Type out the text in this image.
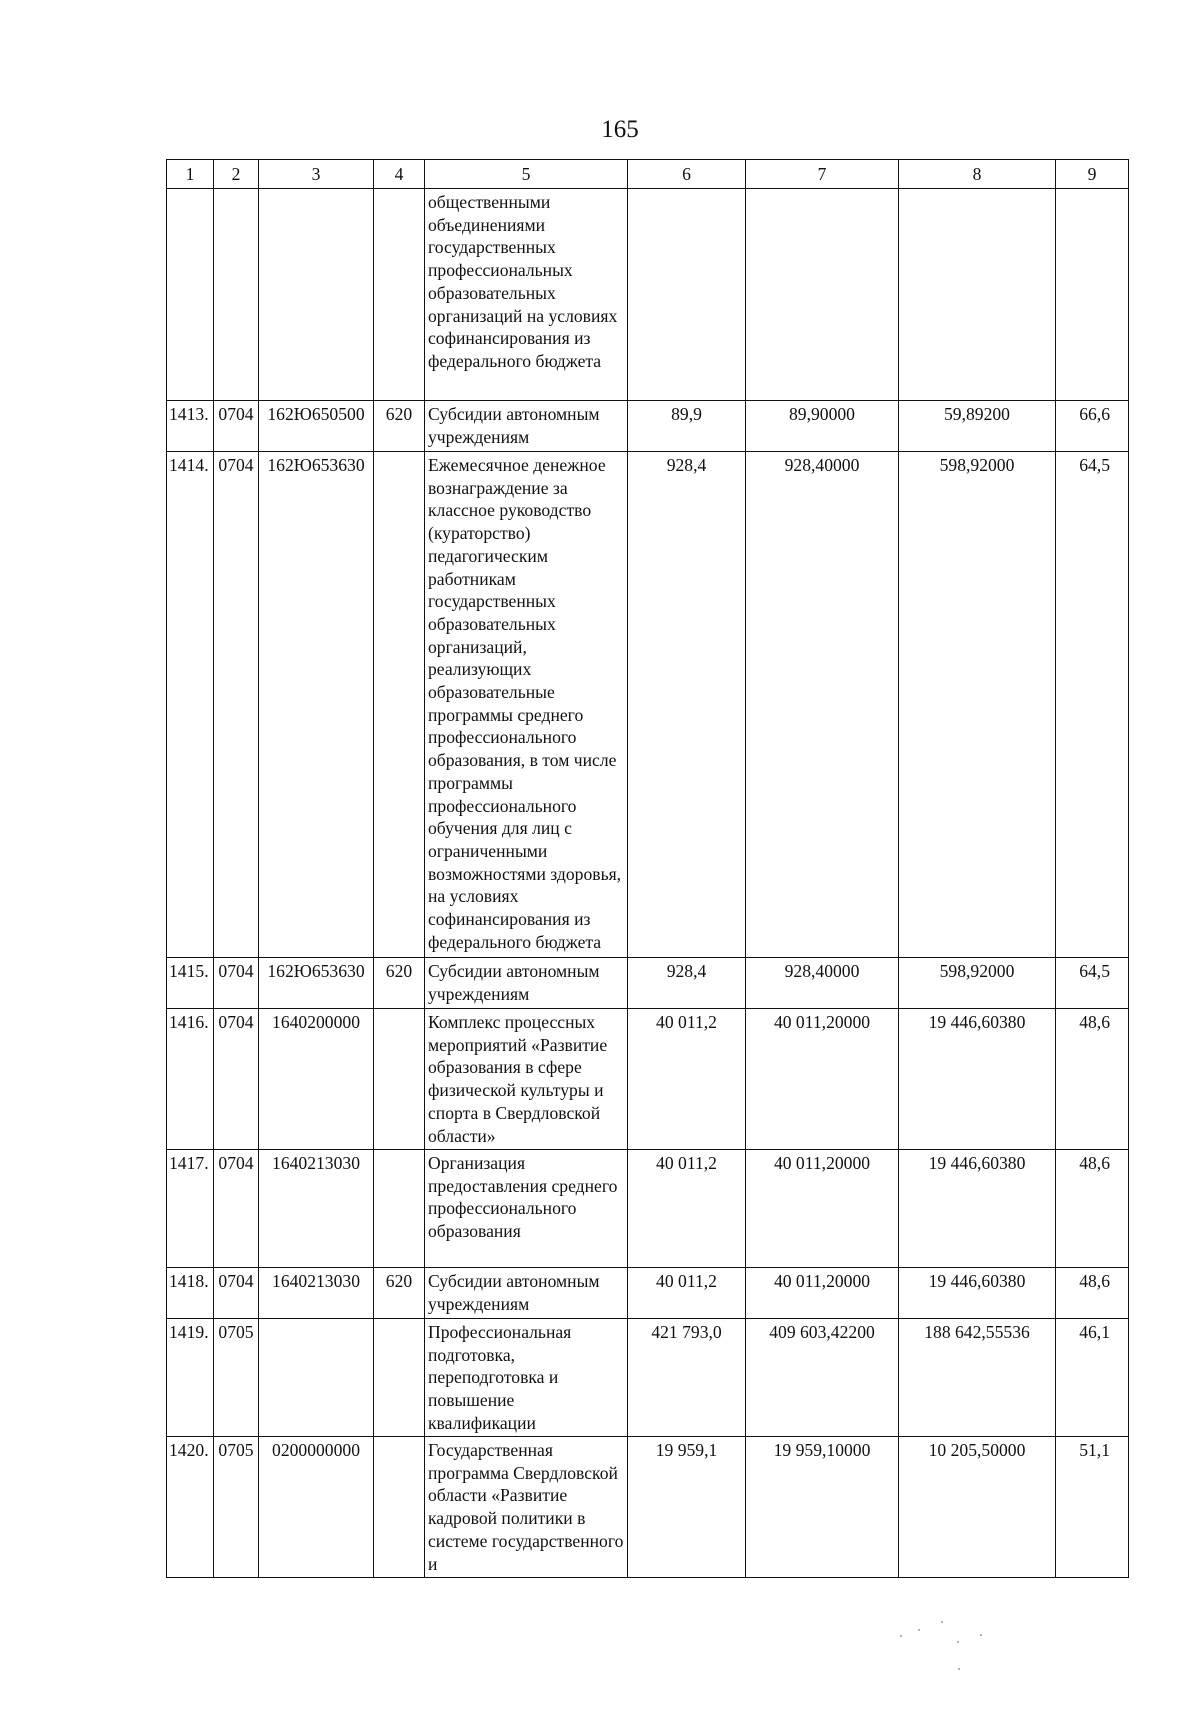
165
1	2	3	4	5	6	7	8	9
				общественными объединениями государственных профессиональных образовательных организаций на условиях софинансирования из федерального бюджета				
1413.	0704	162Ю650500	620	Субсидии автономным учреждениям	89,9	89,90000	59,89200	66,6
1414.	0704	162Ю653630		Ежемесячное денежное вознаграждение за классное руководство (кураторство) педагогическим работникам государственных образовательных организаций, реализующих образовательные программы среднего профессионального образования, в том числе программы профессионального обучения для лиц с ограниченными возможностями здоровья, на условиях софинансирования из федерального бюджета	928,4	928,40000	598,92000	64,5
1415.	0704	162Ю653630	620	Субсидии автономным учреждениям	928,4	928,40000	598,92000	64,5
1416.	0704	1640200000		Комплекс процессных мероприятий «Развитие образования в сфере физической культуры и спорта в Свердловской области»	40 011,2	40 011,20000	19 446,60380	48,6
1417.	0704	1640213030		Организация предоставления среднего профессионального образования	40 011,2	40 011,20000	19 446,60380	48,6
1418.	0704	1640213030	620	Субсидии автономным учреждениям	40 011,2	40 011,20000	19 446,60380	48,6
1419.	0705			Профессиональная подготовка, переподготовка и повышение квалификации	421 793,0	409 603,42200	188 642,55536	46,1
1420.	0705	0200000000		Государственная программа Свердловской области «Развитие кадровой политики в системе государственного и	19 959,1	19 959,10000	10 205,50000	51,1
